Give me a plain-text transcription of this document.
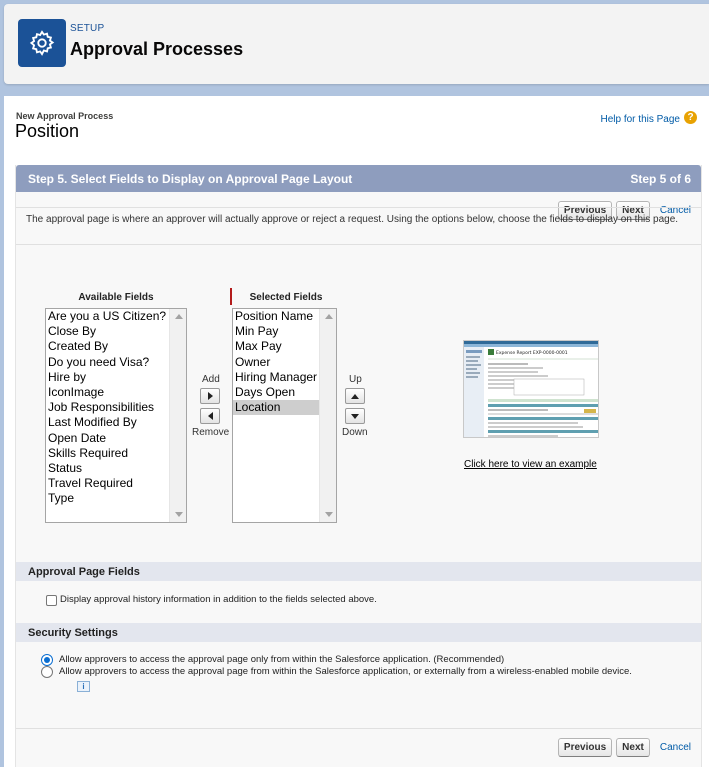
SETUP
Approval Processes
New Approval Process
Position
Help for this Page ?
Step 5. Select Fields to Display on Approval Page Layout	Step 5 of 6
Previous	Next	Cancel
The approval page is where an approver will actually approve or reject a request. Using the options below, choose the fields to display on this page.
Available Fields
Are you a US Citizen?
Close By
Created By
Do you need Visa?
Hire by
IconImage
Job Responsibilities
Last Modified By
Open Date
Skills Required
Status
Travel Required
Type
Add
Remove
Selected Fields
Position Name
Min Pay
Max Pay
Owner
Hiring Manager
Days Open
Location
Up
Down
Expense Report EXP-0000-0001
Click here to view an example
Approval Page Fields
Display approval history information in addition to the fields selected above.
Security Settings
Allow approvers to access the approval page only from within the Salesforce application. (Recommended)
Allow approvers to access the approval page from within the Salesforce application, or externally from a wireless-enabled mobile device.
i
Previous	Next	Cancel
